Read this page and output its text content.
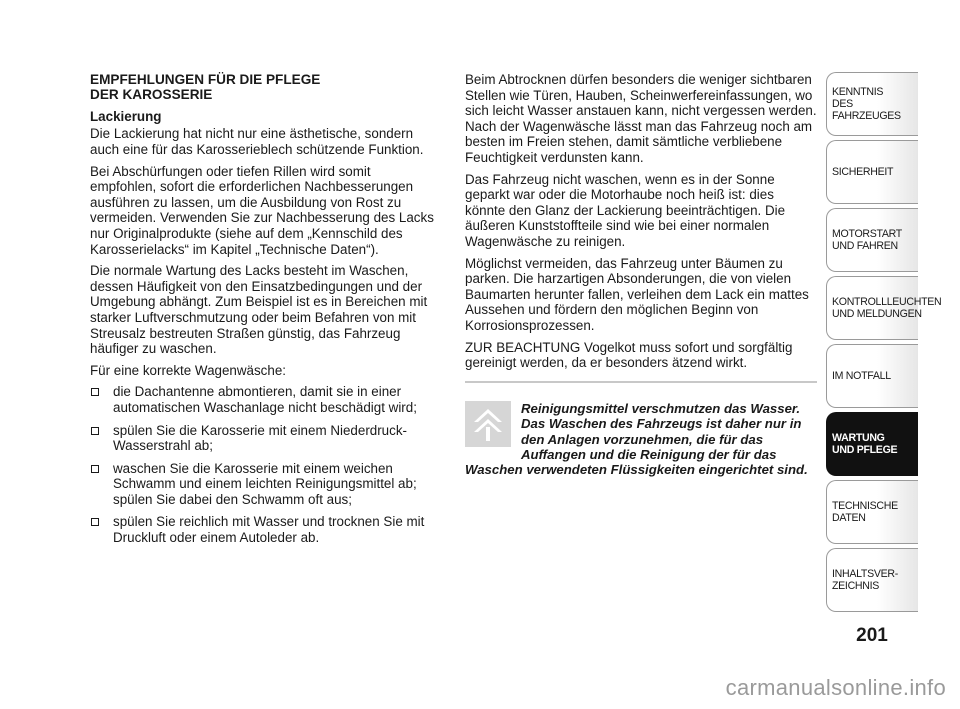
EMPFEHLUNGEN FÜR DIE PFLEGE
DER KAROSSERIE
Lackierung

Die Lackierung hat nicht nur eine ästhetische, sondern auch eine für das Karosserieblech schützende Funktion.

Bei Abschürfungen oder tiefen Rillen wird somit empfohlen, sofort die erforderlichen Nachbesserungen ausführen zu lassen, um die Ausbildung von Rost zu vermeiden. Verwenden Sie zur Nachbesserung des Lacks nur Originalprodukte (siehe auf dem „Kennschild des Karosserielacks“ im Kapitel „Technische Daten“).

Die normale Wartung des Lacks besteht im Waschen, dessen Häufigkeit von den Einsatzbedingungen und der Umgebung abhängt. Zum Beispiel ist es in Bereichen mit starker Luftverschmutzung oder beim Befahren von mit Streusalz bestreuten Straßen günstig, das Fahrzeug häufiger zu waschen.

Für eine korrekte Wagenwäsche:

die Dachantenne abmontieren, damit sie in einer automatischen Waschanlage nicht beschädigt wird;
spülen Sie die Karosserie mit einem Niederdruck-Wasserstrahl ab;
waschen Sie die Karosserie mit einem weichen Schwamm und einem leichten Reinigungsmittel ab; spülen Sie dabei den Schwamm oft aus;
spülen Sie reichlich mit Wasser und trocknen Sie mit Druckluft oder einem Autoleder ab.

Beim Abtrocknen dürfen besonders die weniger sichtbaren Stellen wie Türen, Hauben, Scheinwerfereinfassungen, wo sich leicht Wasser anstauen kann, nicht vergessen werden. Nach der Wagenwäsche lässt man das Fahrzeug noch am besten im Freien stehen, damit sämtliche verbliebene Feuchtigkeit verdunsten kann.

Das Fahrzeug nicht waschen, wenn es in der Sonne geparkt war oder die Motorhaube noch heiß ist: dies könnte den Glanz der Lackierung beeinträchtigen. Die äußeren Kunststoffteile sind wie bei einer normalen Wagenwäsche zu reinigen.

Möglichst vermeiden, das Fahrzeug unter Bäumen zu parken. Die harzartigen Absonderungen, die von vielen Baumarten herunter fallen, verleihen dem Lack ein mattes Aussehen und fördern den möglichen Beginn von Korrosionsprozessen.

ZUR BEACHTUNG Vogelkot muss sofort und sorgfältig gereinigt werden, da er besonders ätzend wirkt.

Reinigungsmittel verschmutzen das Wasser. Das Waschen des Fahrzeugs ist daher nur in den Anlagen vorzunehmen, die für das Auffangen und die Reinigung der für das Waschen verwendeten Flüssigkeiten eingerichtet sind.

KENNTNIS
DES FAHRZEUGES
SICHERHEIT
MOTORSTART
UND FAHREN
KONTROLLLEUCHTEN
UND MELDUNGEN
IM NOTFALL
WARTUNG
UND PFLEGE
TECHNISCHE
DATEN
INHALTSVER-
ZEICHNIS
201
carmanualsonline.info
